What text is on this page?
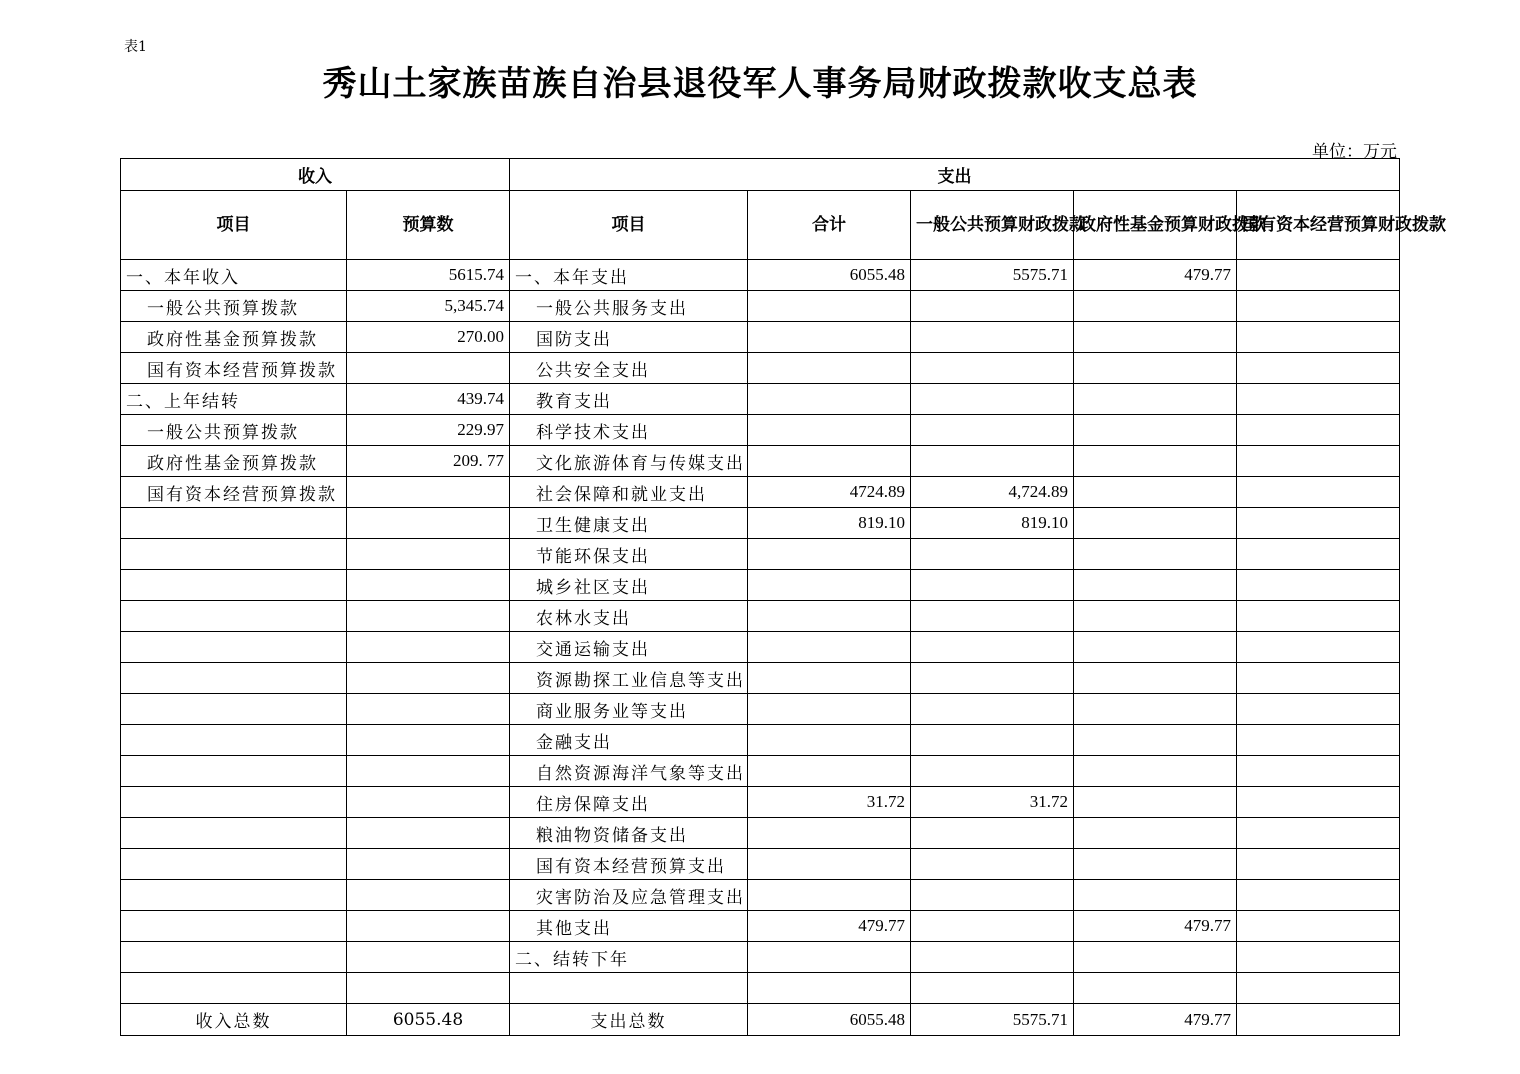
表1
秀山土家族苗族自治县退役军人事务局财政拨款收支总表
单位：万元
收入		支出				
项目	预算数	项目	合计	一般公共预算财政拨款	政府性基金预算财政拨款	国有资本经营预算财政拨款
一、本年收入	5615.74	一、本年支出	6055.48	5575.71	479.77	
一般公共预算拨款	5,345.74	一般公共服务支出				
政府性基金预算拨款	270.00	国防支出				
国有资本经营预算拨款		公共安全支出				
二、上年结转	439.74	教育支出				
一般公共预算拨款	229.97	科学技术支出				
政府性基金预算拨款	209. 77	文化旅游体育与传媒支出				
国有资本经营预算拨款		社会保障和就业支出	4724.89	4,724.89		
		卫生健康支出	819.10	819.10		
		节能环保支出				
		城乡社区支出				
		农林水支出				
		交通运输支出				
		资源勘探工业信息等支出				
		商业服务业等支出				
		金融支出				
		自然资源海洋气象等支出				
		住房保障支出	31.72	31.72		
		粮油物资储备支出				
		国有资本经营预算支出				
		灾害防治及应急管理支出				
		其他支出	479.77		479.77	
		二、结转下年				

收入总数	6055.48	支出总数	6055.48	5575.71	479.77	
